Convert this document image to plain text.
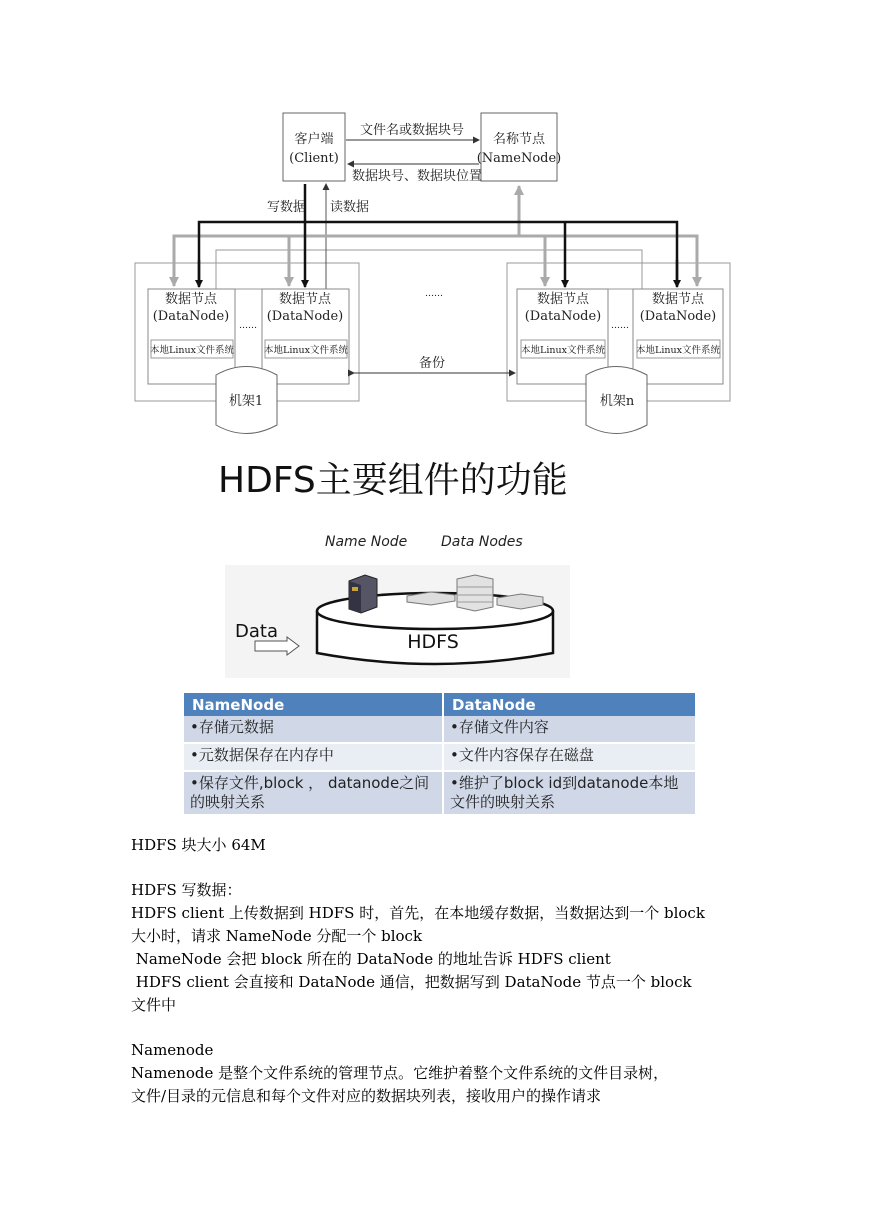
客户端
(Client)
名称节点
(NameNode)
文件名或数据块号
数据块号、数据块位置
写数据 读数据
数据节点
(DataNode)
本地Linux文件系统
数据节点
(DataNode)
本地Linux文件系统
数据节点
(DataNode)
本地Linux文件系统
数据节点
(DataNode)
本地Linux文件系统
......
......
......
备份
机架1	机架n
HDFS主要组件的功能
Name Node Data Nodes
HDFS
Data
NameNode	DataNode
•存储元数据	•存储文件内容
•元数据保存在内存中	•文件内容保存在磁盘
•保存文件,block ， datanode之间的映射关系	•维护了block id到datanode本地文件的映射关系
HDFS 块大小 64M
HDFS 写数据：
HDFS client 上传数据到 HDFS 时，首先，在本地缓存数据，当数据达到一个 block
大小时，请求 NameNode 分配一个 block
NameNode 会把 block 所在的 DataNode 的地址告诉 HDFS client
HDFS client 会直接和 DataNode 通信，把数据写到 DataNode 节点一个 block
文件中
Namenode
Namenode 是整个文件系统的管理节点。它维护着整个文件系统的文件目录树，
文件/目录的元信息和每个文件对应的数据块列表，接收用户的操作请求
